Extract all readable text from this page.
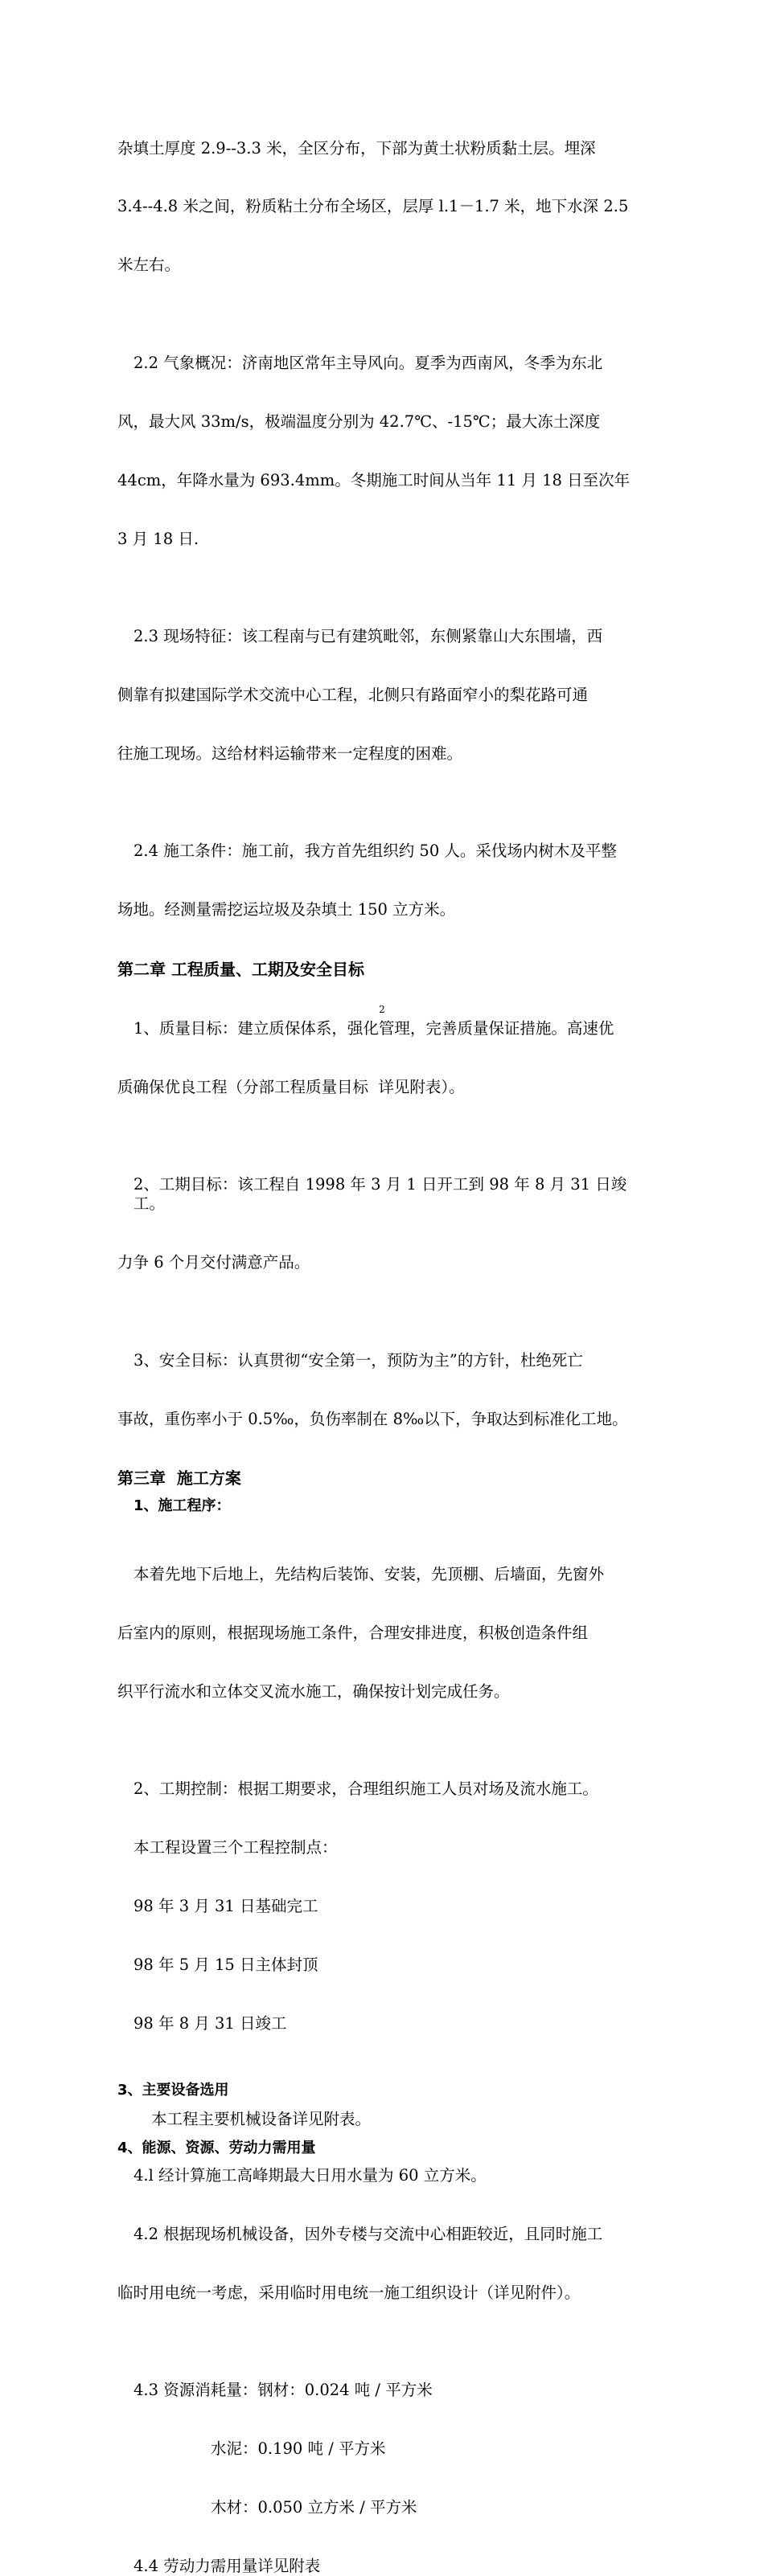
杂填土厚度 2.9--3.3 米，全区分布，下部为黄土状粉质黏土层。埋深

3.4--4.8 米之间，粉质粘土分布全场区，层厚 l.1－1.7 米，地下水深 2.5

米左右。

2.2 气象概况：济南地区常年主导风向。夏季为西南风，冬季为东北

风，最大风 33m/s，极端温度分别为 42.7℃、-15℃；最大冻土深度

44cm，年降水量为 693.4mm。冬期施工时间从当年 11 月 18 日至次年

3 月 18 日.

2.3 现场特征：该工程南与已有建筑毗邻，东侧紧靠山大东围墙，西

侧靠有拟建国际学术交流中心工程，北侧只有路面窄小的梨花路可通

往施工现场。这给材料运输带来一定程度的困难。

2.4 施工条件：施工前，我方首先组织约 50 人。采伐场内树木及平整

场地。经测量需挖运垃圾及杂填土 150 立方米。

第二章 工程质量、工期及安全目标

1、质量目标：建立质保体系，强化管理，完善质量保证措施。高速优

质确保优良工程（分部工程质量目标  详见附表）。

2、工期目标：该工程自 1998 年 3 月 1 日开工到 98 年 8 月 31 日竣工。

力争 6 个月交付满意产品。

3、安全目标：认真贯彻“安全第一，预防为主”的方针，杜绝死亡

事故，重伤率小于 0.5‰，负伤率制在 8‰以下，争取达到标准化工地。

第三章  施工方案

1、施工程序：

本着先地下后地上，先结构后装饰、安装，先顶棚、后墙面，先窗外

后室内的原则，根据现场施工条件，合理安排进度，积极创造条件组

织平行流水和立体交叉流水施工，确保按计划完成任务。

2、工期控制：根据工期要求，合理组织施工人员对场及流水施工。

本工程设置三个工程控制点：

98 年 3 月 31 日基础完工

98 年 5 月 15 日主体封顶

98 年 8 月 31 日竣工

3、主要设备选用

本工程主要机械设备详见附表。

4、能源、资源、劳动力需用量

4.l 经计算施工高峰期最大日用水量为 60 立方米。

4.2 根据现场机械设备，因外专楼与交流中心相距较近，且同时施工

临时用电统一考虑，采用临时用电统一施工组织设计（详见附件）。

4.3 资源消耗量：钢材：0.024 吨 / 平方米

水泥：0.190 吨 / 平方米

木材：0.050 立方米 / 平方米

4.4 劳动力需用量详见附表

2
